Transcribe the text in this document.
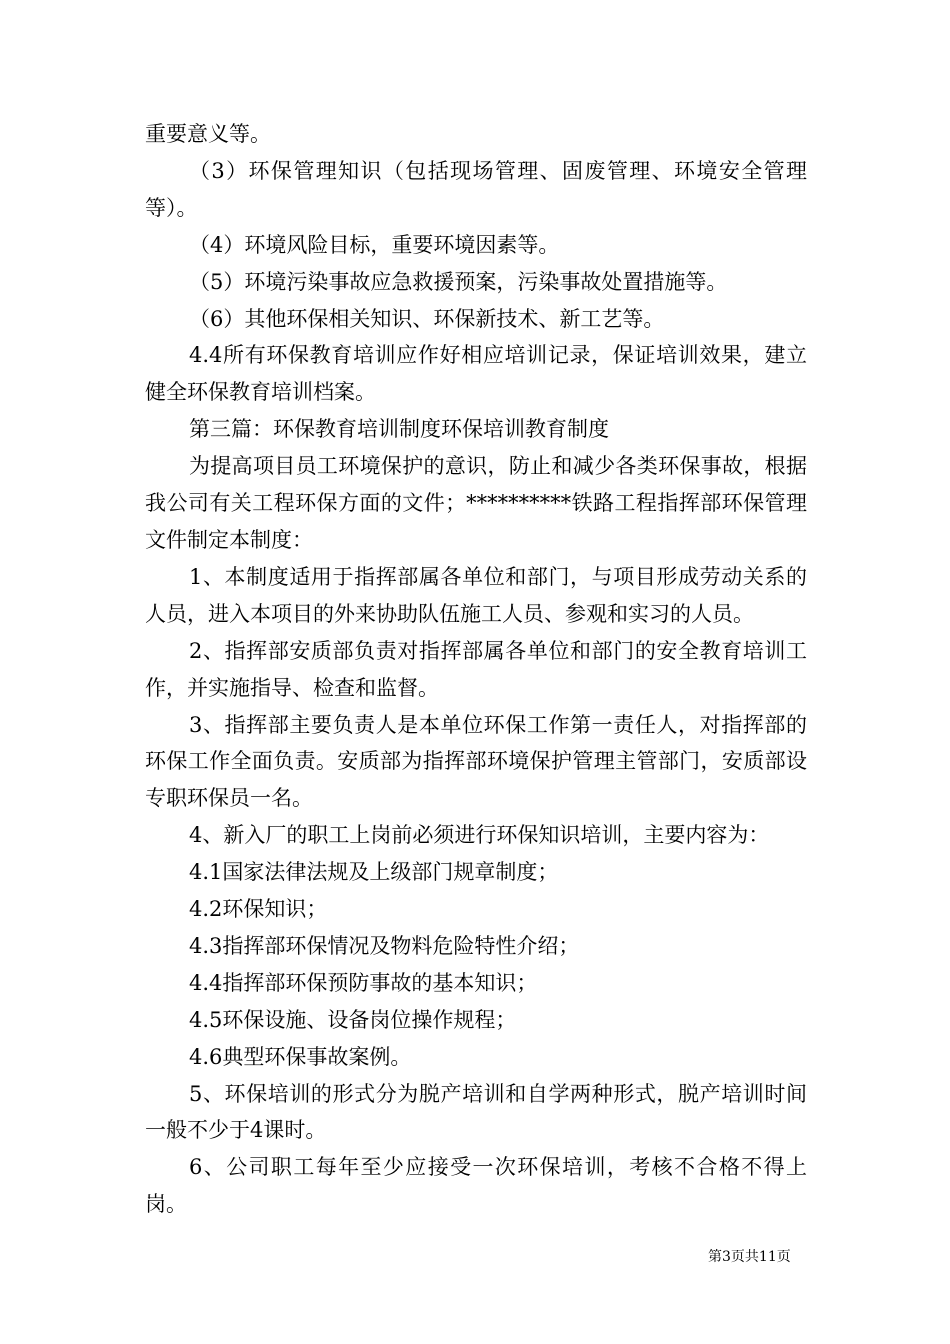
重要意义等。

（3）环保管理知识（包括现场管理、固废管理、环境安全管理等）。

（4）环境风险目标，重要环境因素等。

（5）环境污染事故应急救援预案，污染事故处置措施等。

（6）其他环保相关知识、环保新技术、新工艺等。

4.4所有环保教育培训应作好相应培训记录，保证培训效果，建立健全环保教育培训档案。

第三篇：环保教育培训制度环保培训教育制度

为提高项目员工环境保护的意识，防止和减少各类环保事故，根据我公司有关工程环保方面的文件；**********铁路工程指挥部环保管理文件制定本制度：

1、本制度适用于指挥部属各单位和部门，与项目形成劳动关系的人员，进入本项目的外来协助队伍施工人员、参观和实习的人员。

2、指挥部安质部负责对指挥部属各单位和部门的安全教育培训工作，并实施指导、检查和监督。

3、指挥部主要负责人是本单位环保工作第一责任人，对指挥部的环保工作全面负责。安质部为指挥部环境保护管理主管部门，安质部设专职环保员一名。

4、新入厂的职工上岗前必须进行环保知识培训，主要内容为：

4.1国家法律法规及上级部门规章制度；

4.2环保知识；

4.3指挥部环保情况及物料危险特性介绍；

4.4指挥部环保预防事故的基本知识；

4.5环保设施、设备岗位操作规程；

4.6典型环保事故案例。

5、环保培训的形式分为脱产培训和自学两种形式，脱产培训时间一般不少于4课时。

6、公司职工每年至少应接受一次环保培训，考核不合格不得上岗。

第3页共11页
